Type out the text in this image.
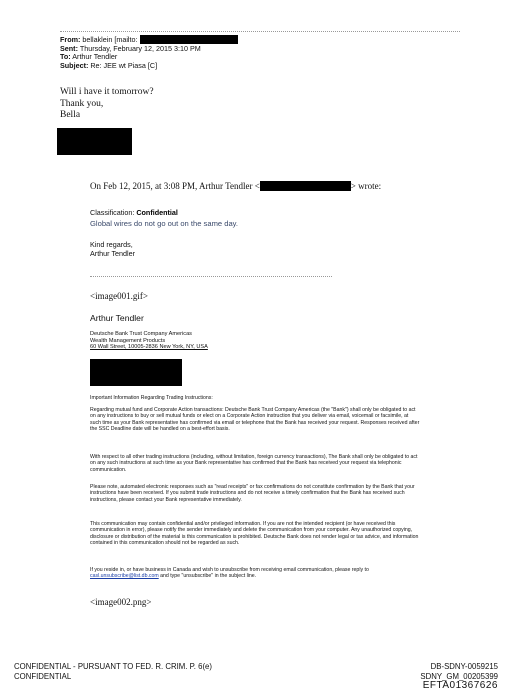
From: bellaklein [mailto:
Sent: Thursday, February 12, 2015 3:10 PM
To: Arthur Tendler
Subject: Re: JEE wt Piasa [C]
Will i have it tomorrow?
Thank you,
Bella
On Feb 12, 2015, at 3:08 PM, Arthur Tendler <	> wrote:
Classification: Confidential
Global wires do not go out on the same day.
Kind regards,
Arthur Tendler
<image001.gif>
Arthur Tendler
Deutsche Bank Trust Company Americas
Wealth Management Products
60 Wall Street, 10005-2836 New York, NY, USA
Important Information Regarding Trading Instructions:
Regarding mutual fund and Corporate Action transactions: Deutsche Bank Trust Company Americas (the "Bank") shall only be obligated to act on any instructions to buy or sell mutual funds or elect on a Corporate Action instruction that you deliver via email, voicemail or facsimile, at such time as your Bank representative has confirmed via email or telephone that the Bank has received your request. Responses received after the SSC Deadline date will be handled on a best-effort basis.
With respect to all other trading instructions (including, without limitation, foreign currency transactions), The Bank shall only be obligated to act on any such instructions at such time as your Bank representative has confirmed that the Bank has received your request via telephonic communication.
Please note, automated electronic responses such as "read receipts" or fax confirmations do not constitute confirmation by the Bank that your instructions have been received. If you submit trade instructions and do not receive a timely confirmation that the Bank has received such instructions, please contact your Bank representative immediately.
This communication may contain confidential and/or privileged information. If you are not the intended recipient (or have received this communication in error), please notify the sender immediately and delete the communication from your computer. Any unauthorized copying, disclosure or distribution of the material is this communication is prohibited. Deutsche Bank does not render legal or tax advice, and information contained in this communication should not be regarded as such.
If you reside in, or have business in Canada and wish to unsubscribe from receiving email communication, please reply to casl.unsubscribe@list.db.com and type "unsubscribe" in the subject line.
<image002.png>
CONFIDENTIAL - PURSUANT TO FED. R. CRIM. P. 6(e)
CONFIDENTIAL
DB-SDNY-0059215
SDNY_GM_00205399
EFTA01367626
